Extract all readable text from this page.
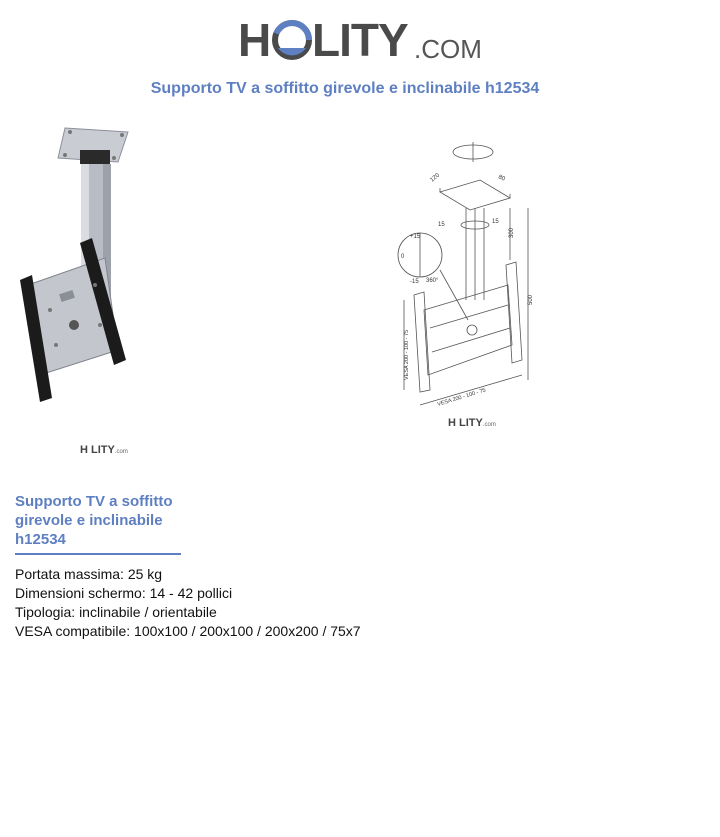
H LITY .COM
Supporto TV a soffitto girevole e inclinabile h12534
H LITY.com
120	80
15	15
300
500
+15
0
-15 360°
VESA 200 - 100 - 75
VESA 200 - 100 - 75
H LITY.com
Supporto TV a soffitto girevole e inclinabile h12534
Portata massima: 25 kg
Dimensioni schermo: 14 - 42 pollici
Tipologia: inclinabile / orientabile
VESA compatibile: 100x100 / 200x100 / 200x200 / 75x7
